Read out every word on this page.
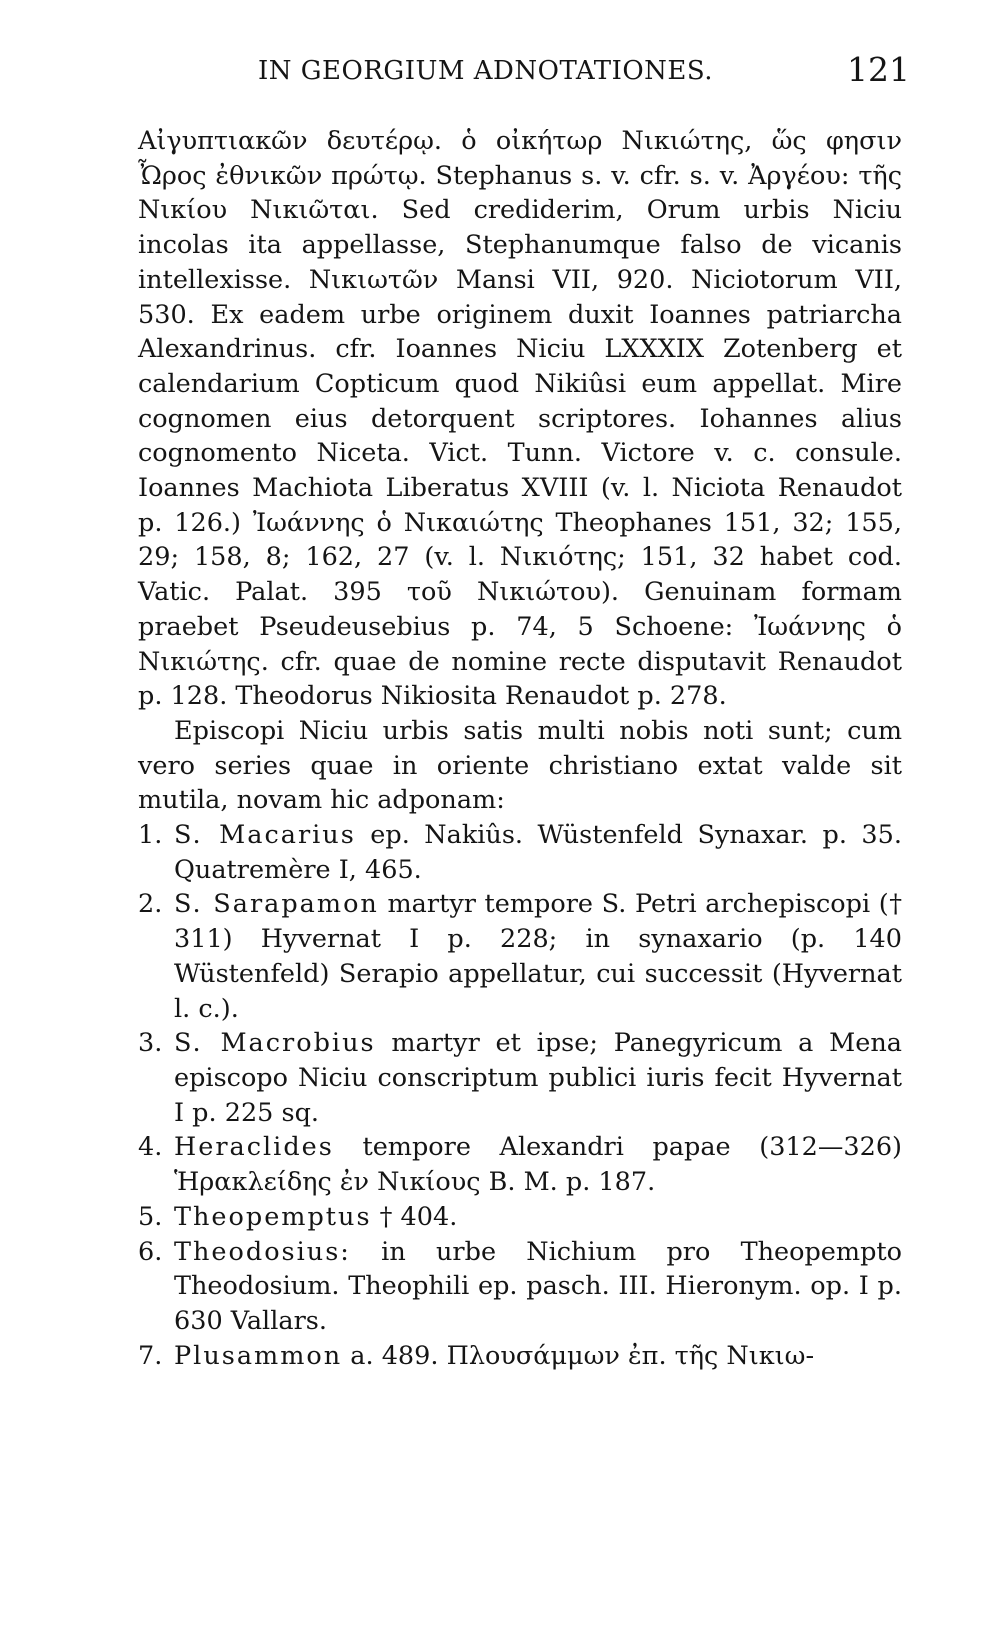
IN GEORGIUM ADNOTATIONES.	121

Αἰγυπτιακῶν δευτέρῳ. ὁ οἰκήτωρ Νικιώτης, ὥς φησιν Ὦρος ἐθνικῶν πρώτῳ. Stephanus s. v. cfr. s. v. Ἀργέου: τῆς Νικίου Νικιῶται. Sed crediderim, Orum urbis Niciu incolas ita appellasse, Stephanumque falso de vicanis intellexisse. Νικιωτῶν Mansi VII, 920. Niciotorum VII, 530. Ex eadem urbe originem duxit Ioannes patriarcha Alexandrinus. cfr. Ioannes Niciu LXXXIX Zotenberg et calendarium Copticum quod Nikiûsi eum appellat. Mire cognomen eius detorquent scriptores. Iohannes alius cognomento Niceta. Vict. Tunn. Victore v. c. consule. Ioannes Machiota Liberatus XVIII (v. l. Niciota Renaudot p. 126.) Ἰωάννης ὁ Νικαιώτης Theophanes 151, 32; 155, 29; 158, 8; 162, 27 (v. l. Νικιότης; 151, 32 habet cod. Vatic. Palat. 395 τοῦ Νικιώτου). Genuinam formam praebet Pseudeusebius p. 74, 5 Schoene: Ἰωάννης ὁ Νικιώτης. cfr. quae de nomine recte disputavit Renaudot p. 128. Theodorus Nikiosita Renaudot p. 278.

Episcopi Niciu urbis satis multi nobis noti sunt; cum vero series quae in oriente christiano extat valde sit mutila, novam hic adponam:

1. S. Macarius ep. Nakiûs. Wüstenfeld Synaxar. p. 35. Quatremère I, 465.
2. S. Sarapamon martyr tempore S. Petri archepiscopi († 311) Hyvernat I p. 228; in synaxario (p. 140 Wüstenfeld) Serapio appellatur, cui successit (Hyvernat l. c.).
3. S. Macrobius martyr et ipse; Panegyricum a Mena episcopo Niciu conscriptum publici iuris fecit Hyvernat I p. 225 sq.
4. Heraclides tempore Alexandri papae (312—326) Ἡρακλείδης ἐν Νικίους B. M. p. 187.
5. Theopemptus † 404.
6. Theodosius: in urbe Nichium pro Theopempto Theodosium. Theophili ep. pasch. III. Hieronym. op. I p. 630 Vallars.
7. Plusammon a. 489. Πλουσάμμων ἐπ. τῆς Νικιω-
